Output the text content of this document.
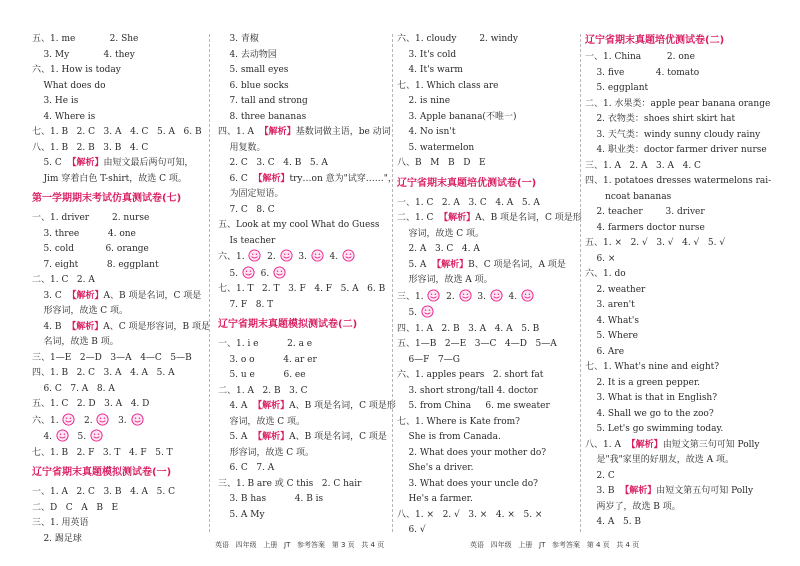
五、1. me            2. She
3. My            4. they
六、1. How is today
What does do
3. He is
4. Where is
七、1. B   2. C   3. A   4. C   5. A   6. B
八、1. B   2. B   3. B   4. C
5. C  【解析】由短文最后两句可知，
Jim 穿着白色 T-shirt，故选 C 项。
第一学期期末考试仿真测试卷(七)
一、1. driver        2. nurse
3. three          4. one
5. cold           6. orange
7. eight          8. eggplant
二、1. C   2. A
3. C  【解析】A、B 项是名词，C 项是
形容词，故选 C 项。
4. B  【解析】A、C 项是形容词，B 项是
名词，故选 B 项。
三、1—E   2—D   3—A   4—C   5—B
四、1. B   2. C   3. A   4. A   5. A
6. C   7. A   8. A
五、1. C   2. D   3. A   4. D
六、1.
2.
3.
4.
5.
七、1. B   2. F   3. T   4. F   5. T
辽宁省期末真题模拟测试卷(一)
一、1. A   2. C   3. B   4. A   5. C
二、D   C   A   B   E
三、1. 用英语
2. 踢足球
3. 青椒
4. 去动物园
5. small eyes
6. blue socks
7. tall and strong
8. three bananas
四、1. A  【解析】基数词做主语，be 动词
用复数。
2. C   3. C   4. B   5. A
6. C  【解析】try…on 意为"试穿……"，
为固定短语。
7. C   8. C
五、Look at my cool What do Guess
Is teacher
六、1.
2.
3.
4.
5.
6.
七、1. T   2. T   3. F   4. F   5. A   6. B
7. F   8. T
辽宁省期末真题模拟测试卷(二)
一、1. i e          2. a e
3. o o          4. ar er
5. u e          6. ee
二、1. A   2. B   3. C
4. A  【解析】A、B 项是名词，C 项是形
容词，故选 C 项。
5. A  【解析】A、B 项是名词，C 项是
形容词，故选 C 项。
6. C   7. A
三、1. B are 或 C this   2. C hair
3. B has          4. B is
5. A My
六、1. cloudy        2. windy
3. It's cold
4. It's warm
七、1. Which class are
2. is nine
3. Apple banana(不唯一)
4. No isn't
5. watermelon
八、B   M   B   D   E
辽宁省期末真题培优测试卷(一)
一、1. C   2. A   3. C   4. A   5. A
二、1. C  【解析】A、B 项是名词，C 项是形
容词，故选 C 项。
2. A   3. C   4. A
5. A  【解析】B、C 项是名词，A 项是
形容词，故选 A 项。
三、1.
2.
3.
4.
5.
四、1. A   2. B   3. A   4. A   5. B
五、1—B   2—E   3—C   4—D   5—A
6—F   7—G
六、1. apples pears   2. short fat
3. short strong/tall 4. doctor
5. from China     6. me sweater
七、1. Where is Kate from?
She is from Canada.
2. What does your mother do?
She's a driver.
3. What does your uncle do?
He's a farmer.
八、1. ×   2. √   3. ×   4. ×   5. ×
6. √
辽宁省期末真题培优测试卷(二)
一、1. China         2. one
3. five           4. tomato
5. eggplant
二、1. 水果类：apple pear banana orange
2. 衣物类：shoes shirt skirt hat
3. 天气类：windy sunny cloudy rainy
4. 职业类：doctor farmer driver nurse
三、1. A   2. A   3. A   4. C
四、1. potatoes dresses watermelons rai-
ncoat bananas
2. teacher        3. driver
4. farmers doctor nurse
五、1. ×   2. √   3. √   4. √   5. √
6. ×
六、1. do
2. weather
3. aren't
4. What's
5. Where
6. Are
七、1. What's nine and eight?
2. It is a green pepper.
3. What is that in English?
4. Shall we go to the zoo?
5. Let's go swimming today.
八、1. A  【解析】由短文第三句可知 Polly
是"我"家里的好朋友，故选 A 项。
2. C
3. B  【解析】由短文第五句可知 Polly
两岁了，故选 B 项。
4. A   5. B
英语   四年级   上册   JT   参考答案   第 3 页   共 4 页	英语   四年级   上册   JT   参考答案   第 4 页   共 4 页
